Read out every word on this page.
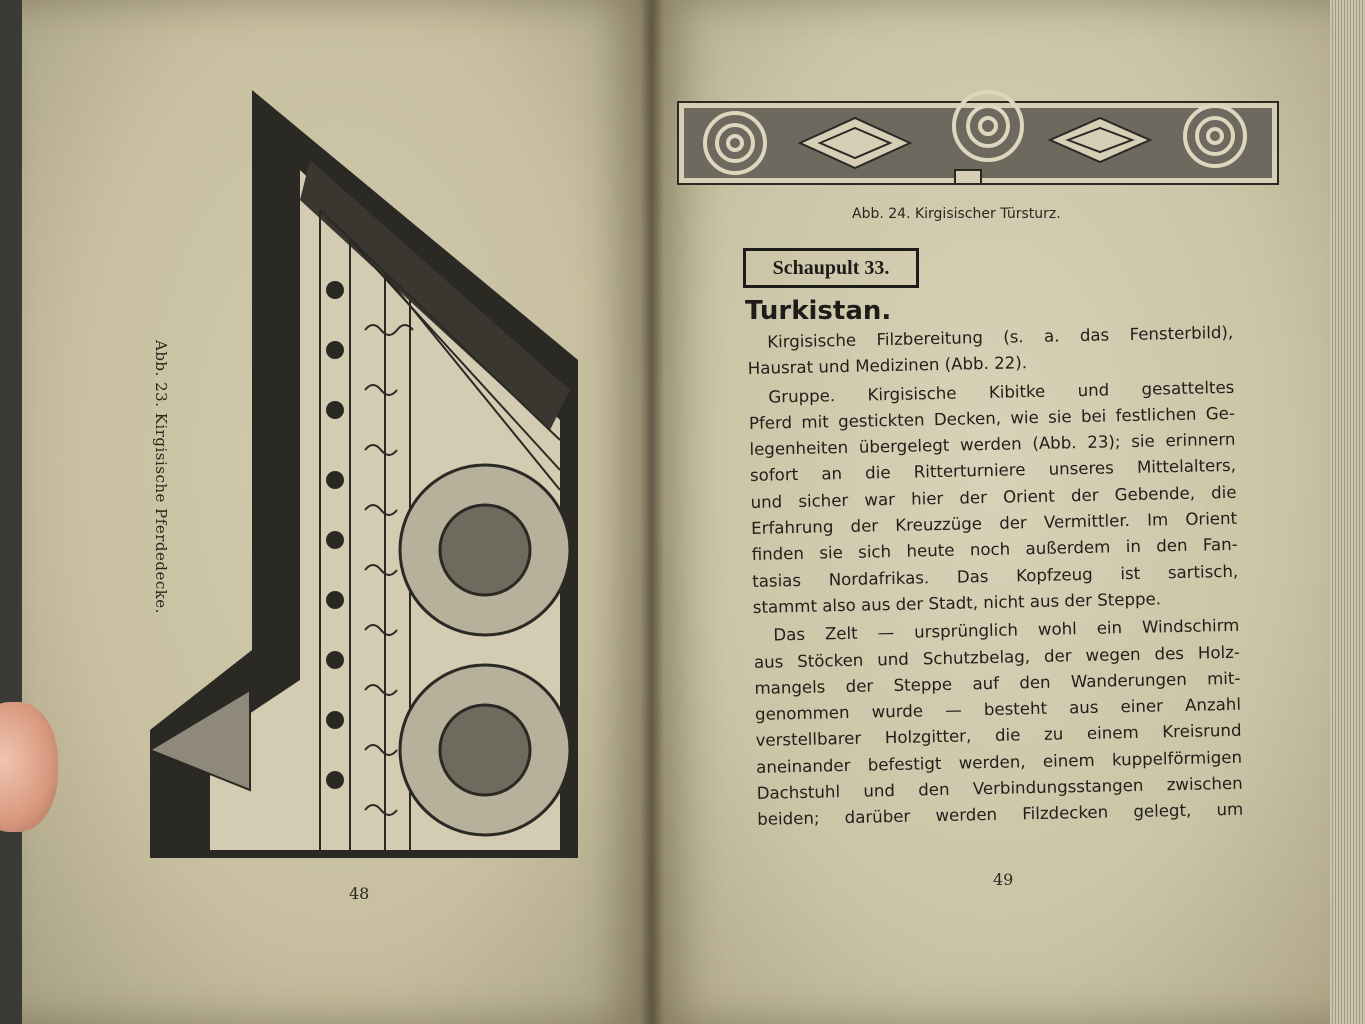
Abb. 23. Kirgisische Pferdedecke.
48
Abb. 24. Kirgisischer Türsturz.
Schaupult 33.
Turkistan.

Kirgisische Filzbereitung (s. a. das Fensterbild),
Hausrat und Medizinen (Abb. 22).

Gruppe. Kirgisische Kibitke und gesatteltes
Pferd mit gestickten Decken, wie sie bei festlichen Ge-
legenheiten übergelegt werden (Abb. 23); sie erinnern
sofort an die Ritterturniere unseres Mittelalters,
und sicher war hier der Orient der Gebende, die
Erfahrung der Kreuzzüge der Vermittler. Im Orient
finden sie sich heute noch außerdem in den Fan-
tasias Nordafrikas. Das Kopfzeug ist sartisch,
stammt also aus der Stadt, nicht aus der Steppe.

Das Zelt — ursprünglich wohl ein Windschirm
aus Stöcken und Schutzbelag, der wegen des Holz-
mangels der Steppe auf den Wanderungen mit-
genommen wurde — besteht aus einer Anzahl
verstellbarer Holzgitter, die zu einem Kreisrund
aneinander befestigt werden, einem kuppelförmigen
Dachstuhl und den Verbindungsstangen zwischen
beiden; darüber werden Filzdecken gelegt, um

49
